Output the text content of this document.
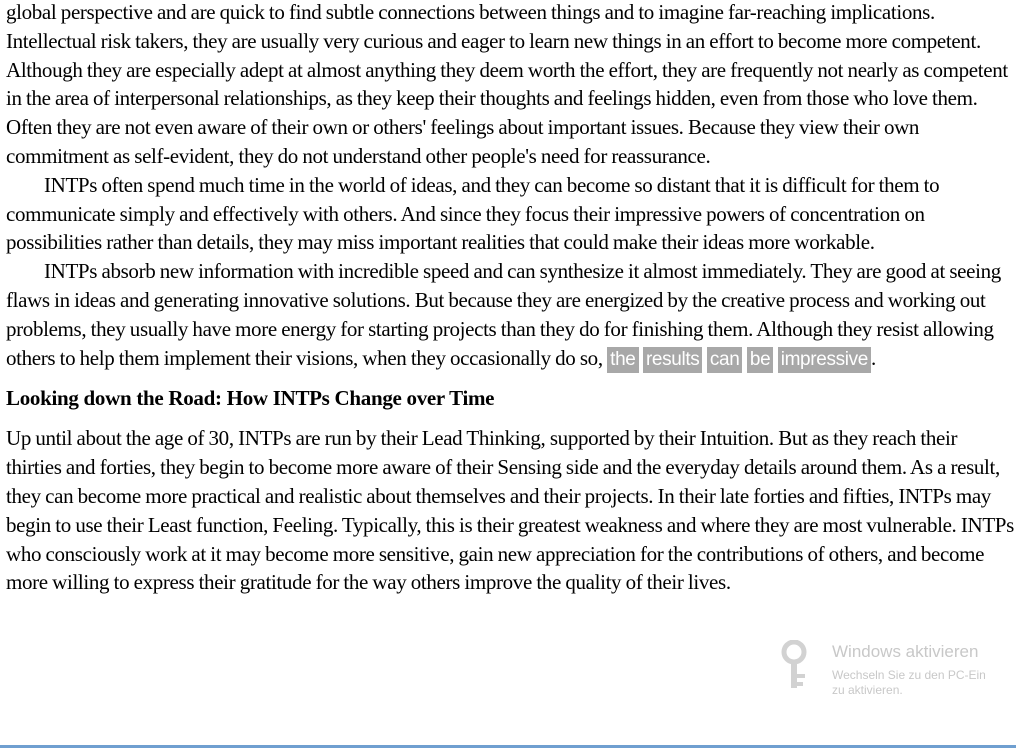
global perspective and are quick to find subtle connections between things and to imagine far-reaching implications. Intellectual risk takers, they are usually very curious and eager to learn new things in an effort to become more competent. Although they are especially adept at almost anything they deem worth the effort, they are frequently not nearly as competent in the area of interpersonal relationships, as they keep their thoughts and feelings hidden, even from those who love them. Often they are not even aware of their own or others' feelings about important issues. Because they view their own commitment as self-evident, they do not understand other people's need for reassurance.

INTPs often spend much time in the world of ideas, and they can become so distant that it is difficult for them to communicate simply and effectively with others. And since they focus their impressive powers of concentration on possibilities rather than details, they may miss important realities that could make their ideas more workable.

INTPs absorb new information with incredible speed and can synthesize it almost immediately. They are good at seeing flaws in ideas and generating innovative solutions. But because they are energized by the creative process and working out problems, they usually have more energy for starting projects than they do for finishing them. Although they resist allowing others to help them implement their visions, when they occasionally do so, the results can be impressive .

Looking down the Road: How INTPs Change over Time

Up until about the age of 30, INTPs are run by their Lead Thinking, supported by their Intuition. But as they reach their thirties and forties, they begin to become more aware of their Sensing side and the everyday details around them. As a result, they can become more practical and realistic about themselves and their projects. In their late forties and fifties, INTPs may begin to use their Least function, Feeling. Typically, this is their greatest weakness and where they are most vulnerable. INTPs who consciously work at it may become more sensitive, gain new appreciation for the contributions of others, and become more willing to express their gratitude for the way others improve the quality of their lives.

Windows aktivieren
Wechseln Sie zu den PC-Ein
zu aktivieren.
